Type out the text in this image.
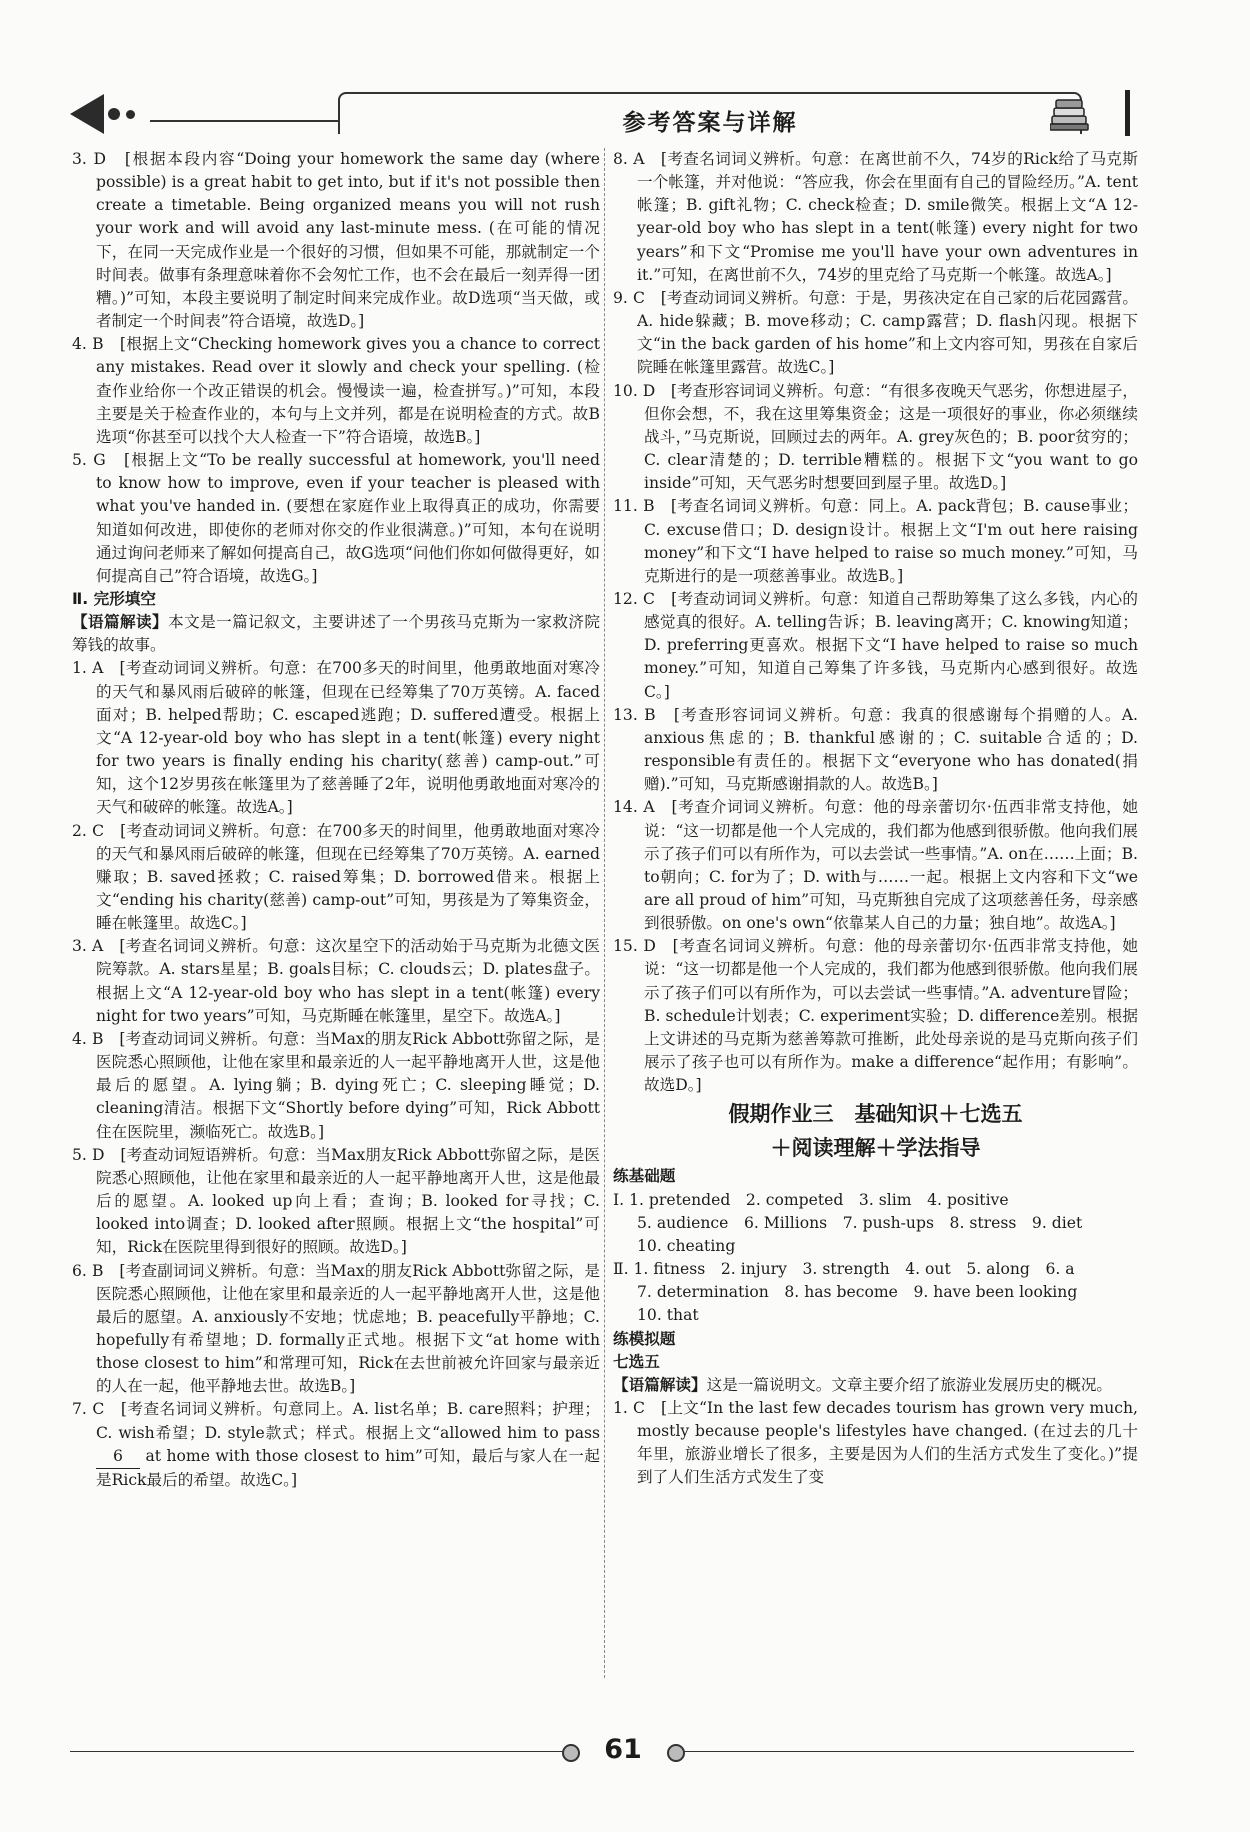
参考答案与详解

3. D　[根据本段内容“Doing your homework the same day (where possible) is a great habit to get into, but if it's not possible then create a timetable. Being organized means you will not rush your work and will avoid any last-minute mess. (在可能的情况下，在同一天完成作业是一个很好的习惯，但如果不可能，那就制定一个时间表。做事有条理意味着你不会匆忙工作，也不会在最后一刻弄得一团糟。)”可知，本段主要说明了制定时间来完成作业。故D选项“当天做，或者制定一个时间表”符合语境，故选D。]

4. B　[根据上文“Checking homework gives you a chance to correct any mistakes. Read over it slowly and check your spelling. (检查作业给你一个改正错误的机会。慢慢读一遍，检查拼写。)”可知，本段主要是关于检查作业的，本句与上文并列，都是在说明检查的方式。故B选项“你甚至可以找个大人检查一下”符合语境，故选B。]

5. G　[根据上文“To be really successful at homework, you'll need to know how to improve, even if your teacher is pleased with what you've handed in. (要想在家庭作业上取得真正的成功，你需要知道如何改进，即使你的老师对你交的作业很满意。)”可知，本句在说明通过询问老师来了解如何提高自己，故G选项“问他们你如何做得更好，如何提高自己”符合语境，故选G。]

Ⅱ. 完形填空

【语篇解读】本文是一篇记叙文，主要讲述了一个男孩马克斯为一家救济院筹钱的故事。

1. A　[考查动词词义辨析。句意：在700多天的时间里，他勇敢地面对寒冷的天气和暴风雨后破碎的帐篷，但现在已经筹集了70万英镑。A. faced面对；B. helped帮助；C. escaped逃跑；D. suffered遭受。根据上文“A 12-year-old boy who has slept in a tent(帐篷) every night for two years is finally ending his charity(慈善) camp-out.”可知，这个12岁男孩在帐篷里为了慈善睡了2年，说明他勇敢地面对寒冷的天气和破碎的帐篷。故选A。]

2. C　[考查动词词义辨析。句意：在700多天的时间里，他勇敢地面对寒冷的天气和暴风雨后破碎的帐篷，但现在已经筹集了70万英镑。A. earned赚取；B. saved拯救；C. raised筹集；D. borrowed借来。根据上文“ending his charity(慈善) camp-out”可知，男孩是为了筹集资金，睡在帐篷里。故选C。]

3. A　[考查名词词义辨析。句意：这次星空下的活动始于马克斯为北德文医院筹款。A. stars星星；B. goals目标；C. clouds云；D. plates盘子。根据上文“A 12-year-old boy who has slept in a tent(帐篷) every night for two years”可知，马克斯睡在帐篷里，星空下。故选A。]

4. B　[考查动词词义辨析。句意：当Max的朋友Rick Abbott弥留之际，是医院悉心照顾他，让他在家里和最亲近的人一起平静地离开人世，这是他最后的愿望。A. lying躺；B. dying死亡；C. sleeping睡觉；D. cleaning清洁。根据下文“Shortly before dying”可知，Rick Abbott住在医院里，濒临死亡。故选B。]

5. D　[考查动词短语辨析。句意：当Max朋友Rick Abbott弥留之际，是医院悉心照顾他，让他在家里和最亲近的人一起平静地离开人世，这是他最后的愿望。A. looked up向上看；查询；B. looked for寻找；C. looked into调查；D. looked after照顾。根据上文“the hospital”可知，Rick在医院里得到很好的照顾。故选D。]

6. B　[考查副词词义辨析。句意：当Max的朋友Rick Abbott弥留之际，是医院悉心照顾他，让他在家里和最亲近的人一起平静地离开人世，这是他最后的愿望。A. anxiously不安地；忧虑地；B. peacefully平静地；C. hopefully有希望地；D. formally正式地。根据下文“at home with those closest to him”和常理可知，Rick在去世前被允许回家与最亲近的人在一起，他平静地去世。故选B。]

7. C　[考查名词词义辨析。句意同上。A. list名单；B. care照料；护理；C. wish希望；D. style款式；样式。根据上文“allowed him to pass 6 at home with those closest to him”可知，最后与家人在一起是Rick最后的希望。故选C。]

8. A　[考查名词词义辨析。句意：在离世前不久，74岁的Rick给了马克斯一个帐篷，并对他说：“答应我，你会在里面有自己的冒险经历。”A. tent帐篷；B. gift礼物；C. check检查；D. smile微笑。根据上文“A 12-year-old boy who has slept in a tent(帐篷) every night for two years”和下文“Promise me you'll have your own adventures in it.”可知，在离世前不久，74岁的里克给了马克斯一个帐篷。故选A。]

9. C　[考查动词词义辨析。句意：于是，男孩决定在自己家的后花园露营。A. hide躲藏；B. move移动；C. camp露营；D. flash闪现。根据下文“in the back garden of his home”和上文内容可知，男孩在自家后院睡在帐篷里露营。故选C。]

10. D　[考查形容词词义辨析。句意：“有很多夜晚天气恶劣，你想进屋子，但你会想，不，我在这里筹集资金；这是一项很好的事业，你必须继续战斗，”马克斯说，回顾过去的两年。A. grey灰色的；B. poor贫穷的；C. clear清楚的；D. terrible糟糕的。根据下文“you want to go inside”可知，天气恶劣时想要回到屋子里。故选D。]

11. B　[考查名词词义辨析。句意：同上。A. pack背包；B. cause事业；C. excuse借口；D. design设计。根据上文“I'm out here raising money”和下文“I have helped to raise so much money.”可知，马克斯进行的是一项慈善事业。故选B。]

12. C　[考查动词词义辨析。句意：知道自己帮助筹集了这么多钱，内心的感觉真的很好。A. telling告诉；B. leaving离开；C. knowing知道；D. preferring更喜欢。根据下文“I have helped to raise so much money.”可知，知道自己筹集了许多钱，马克斯内心感到很好。故选C。]

13. B　[考查形容词词义辨析。句意：我真的很感谢每个捐赠的人。A. anxious焦虑的；B. thankful感谢的；C. suitable合适的；D. responsible有责任的。根据下文“everyone who has donated(捐赠).”可知，马克斯感谢捐款的人。故选B。]

14. A　[考查介词词义辨析。句意：他的母亲蕾切尔·伍西非常支持他，她说：“这一切都是他一个人完成的，我们都为他感到很骄傲。他向我们展示了孩子们可以有所作为，可以去尝试一些事情。”A. on在……上面；B. to朝向；C. for为了；D. with与……一起。根据上文内容和下文“we are all proud of him”可知，马克斯独自完成了这项慈善任务，母亲感到很骄傲。on one's own“依靠某人自己的力量；独自地”。故选A。]

15. D　[考查名词词义辨析。句意：他的母亲蕾切尔·伍西非常支持他，她说：“这一切都是他一个人完成的，我们都为他感到很骄傲。他向我们展示了孩子们可以有所作为，可以去尝试一些事情。”A. adventure冒险；B. schedule计划表；C. experiment实验；D. difference差别。根据上文讲述的马克斯为慈善筹款可推断，此处母亲说的是马克斯向孩子们展示了孩子也可以有所作为。make a difference“起作用；有影响”。故选D。]

假期作业三　基础知识＋七选五

＋阅读理解＋学法指导

练基础题

Ⅰ. 1. pretended　2. competed　3. slim　4. positive

5. audience　6. Millions　7. push-ups　8. stress　9. diet

10. cheating

Ⅱ. 1. fitness　2. injury　3. strength　4. out　5. along　6. a

7. determination　8. has become　9. have been looking

10. that

练模拟题

七选五

【语篇解读】这是一篇说明文。文章主要介绍了旅游业发展历史的概况。

1. C　[上文“In the last few decades tourism has grown very much, mostly because people's lifestyles have changed. (在过去的几十年里，旅游业增长了很多，主要是因为人们的生活方式发生了变化。)”提到了人们生活方式发生了变

61
